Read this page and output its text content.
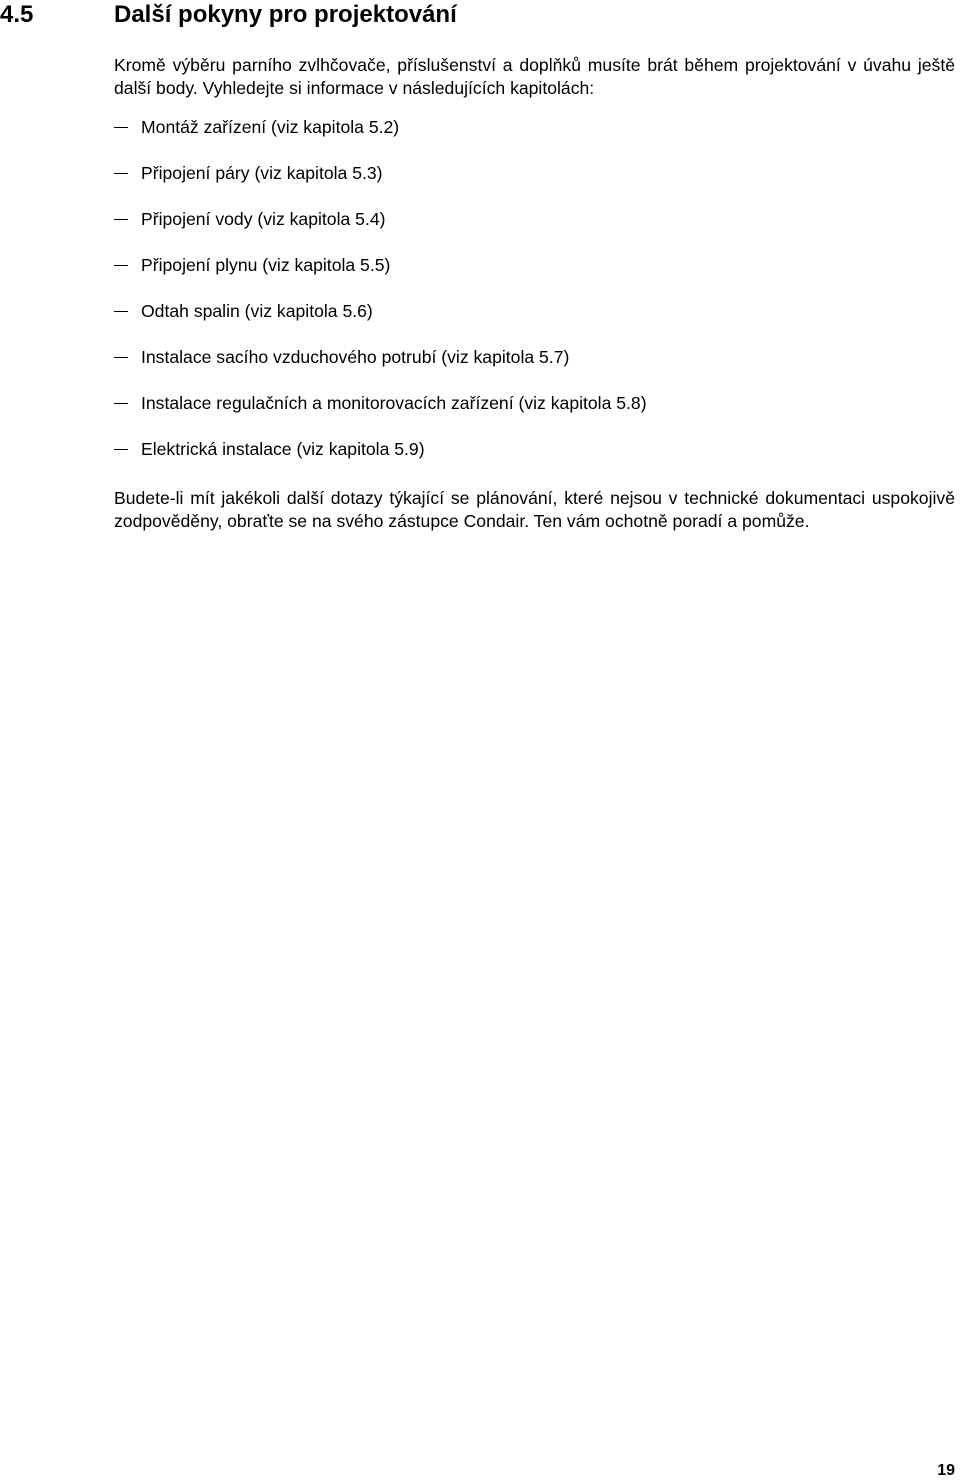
4.5	Další pokyny pro projektování

Kromě výběru parního zvlhčovače, příslušenství a doplňků musíte brát během projektování v úvahu ještě další body. Vyhledejte si informace v následujících kapitolách:

Montáž zařízení (viz kapitola 5.2)
Připojení páry (viz kapitola 5.3)
Připojení vody (viz kapitola 5.4)
Připojení plynu (viz kapitola 5.5)
Odtah spalin (viz kapitola 5.6)
Instalace sacího vzduchového potrubí (viz kapitola 5.7)
Instalace regulačních a monitorovacích zařízení (viz kapitola 5.8)
Elektrická instalace (viz kapitola 5.9)

Budete-li mít jakékoli další dotazy týkající se plánování, které nejsou v technické dokumentaci uspokojivě zodpověděny, obraťte se na svého zástupce Condair. Ten vám ochotně poradí a pomůže.

19
